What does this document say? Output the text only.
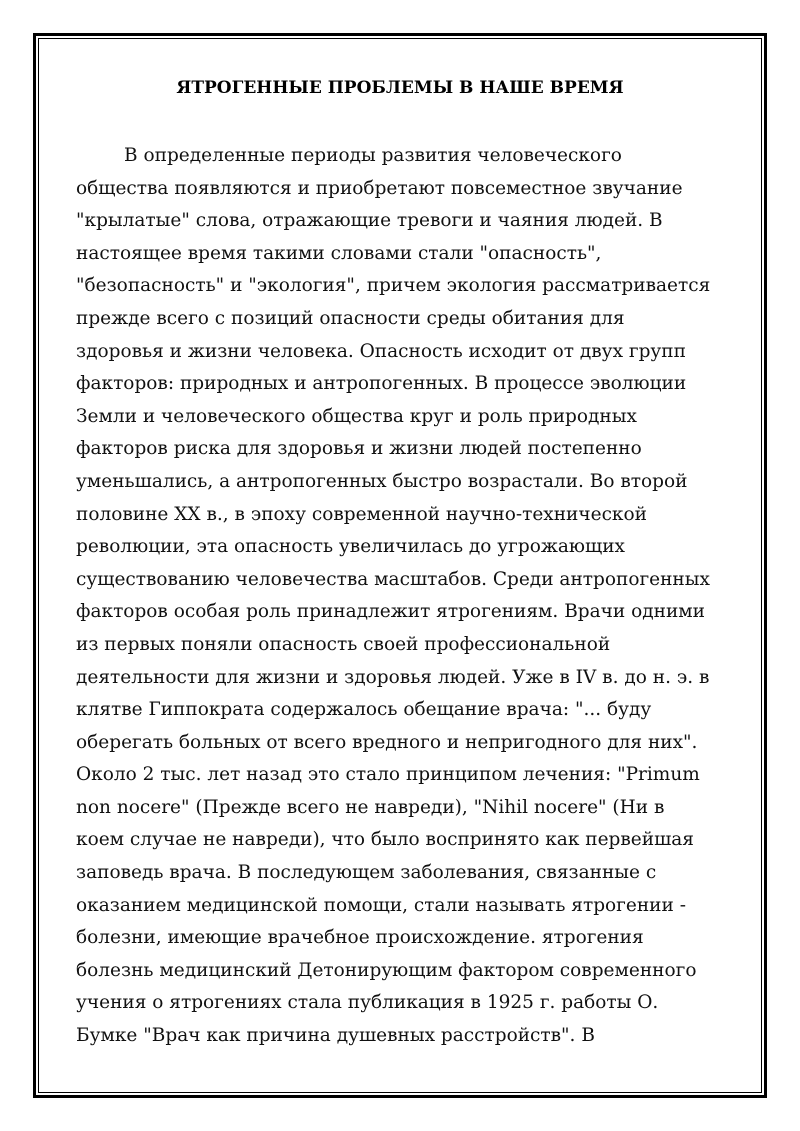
ЯТРОГЕННЫЕ ПРОБЛЕМЫ В НАШЕ ВРЕМЯ

В определенные периоды развития человеческого
общества появляются и приобретают повсеместное звучание
"крылатые" слова, отражающие тревоги и чаяния людей. В
настоящее время такими словами стали "опасность",
"безопасность" и "экология", причем экология рассматривается
прежде всего с позиций опасности среды обитания для
здоровья и жизни человека. Опасность исходит от двух групп
факторов: природных и антропогенных. В процессе эволюции
Земли и человеческого общества круг и роль природных
факторов риска для здоровья и жизни людей постепенно
уменьшались, а антропогенных быстро возрастали. Во второй
половине XX в., в эпоху современной научно-технической
революции, эта опасность увеличилась до угрожающих
существованию человечества масштабов. Среди антропогенных
факторов особая роль принадлежит ятрогениям. Врачи одними
из первых поняли опасность своей профессиональной
деятельности для жизни и здоровья людей. Уже в IV в. до н. э. в
клятве Гиппократа содержалось обещание врача: "... буду
оберегать больных от всего вредного и непригодного для них".
Около 2 тыс. лет назад это стало принципом лечения: "Primum
non nocere" (Прежде всего не навреди), "Nihil nocere" (Ни в
коем случае не навреди), что было воспринято как первейшая
заповедь врача. В последующем заболевания, связанные с
оказанием медицинской помощи, стали называть ятрогении -
болезни, имеющие врачебное происхождение. ятрогения
болезнь медицинский Детонирующим фактором современного
учения о ятрогениях стала публикация в 1925 г. работы О.
Бумке "Врач как причина душевных расстройств". В
